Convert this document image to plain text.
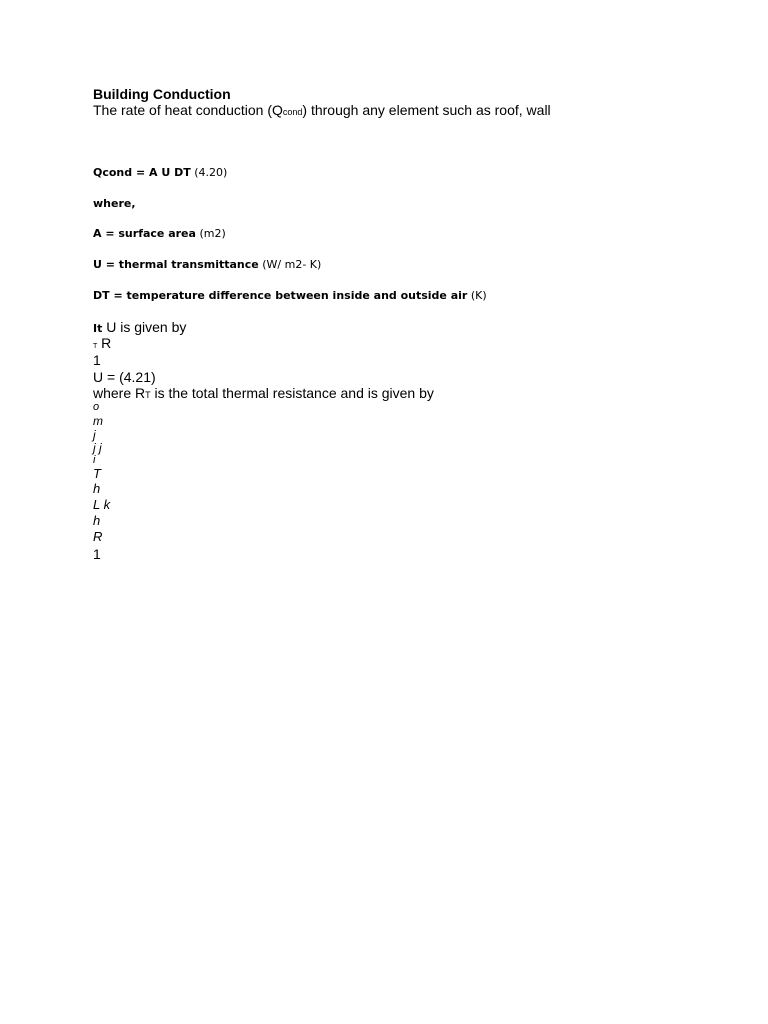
Building Conduction
The rate of heat conduction (Qcond) through any element such as roof, wall
Qcond = A U DT (4.20)
where,
A = surface area (m2)
U = thermal transmittance (W/ m2- K)
DT = temperature difference between inside and outside air (K)
It U is given by
T R
1
U = (4.21)
where RT is the total thermal resistance and is given by
o
m
j
j j
i
T
h
L k
h
R
1
